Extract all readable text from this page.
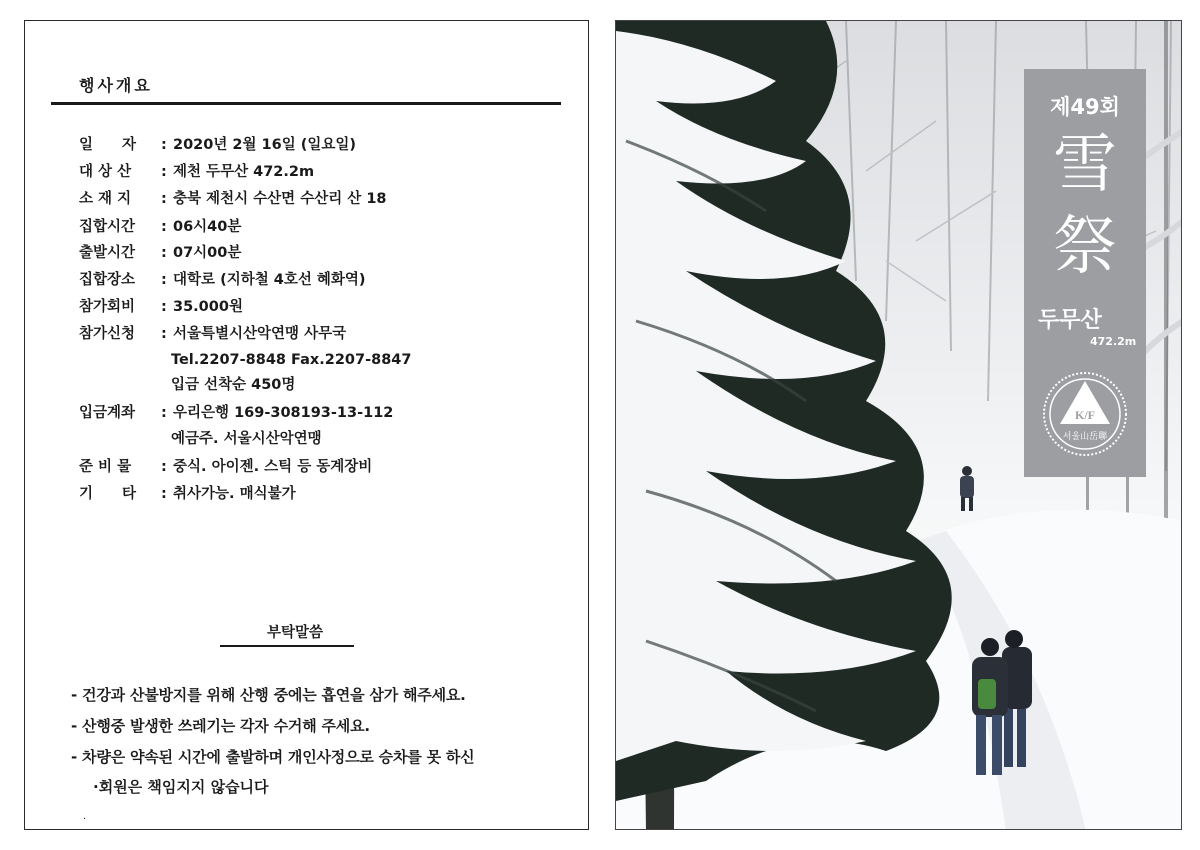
행사개요
일　　자	: 2020년 2월 16일 (일요일)
대 상 산	: 제천 두무산 472.2m
소 재 지	: 충북 제천시 수산면 수산리 산 18
집합시간	: 06시40분
출발시간	: 07시00분
집합장소	: 대학로 (지하철 4호선 혜화역)
참가회비	: 35.000원
참가신청	: 서울특별시산악연맹 사무국
Tel.2207-8848 Fax.2207-8847
입금 선착순 450명
입금계좌	: 우리은행 169-308193-13-112
예금주. 서울시산악연맹
준 비 물	: 중식. 아이젠. 스틱 등 동계장비
기　　타	: 취사가능. 매식불가
부탁말씀
- 건강과 산불방지를 위해 산행 중에는 흡연을 삼가 해주세요.
- 산행중 발생한 쓰레기는 각자 수거해 주세요.
- 차량은 약속된 시간에 출발하며 개인사정으로 승차를 못 하신
·회원은 책임지지 않습니다
.
제49회
雪
祭
두무산
472.2m
K/F
서울山岳聯
